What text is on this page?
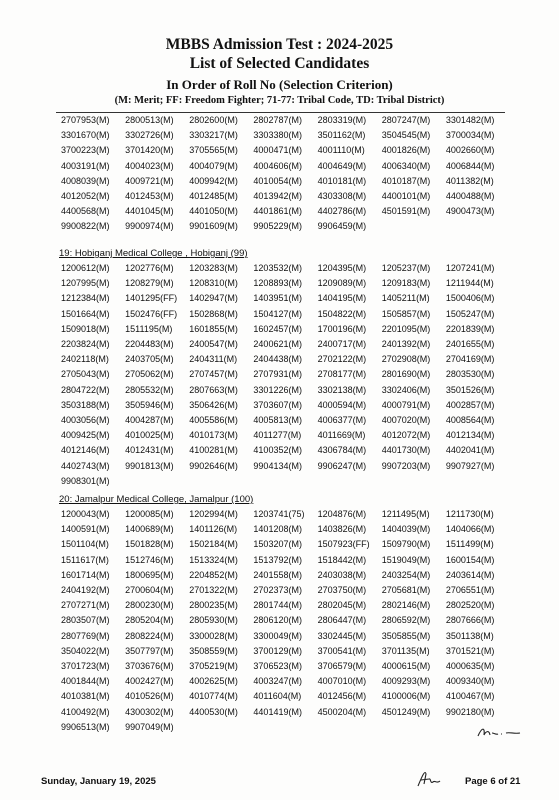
MBBS Admission Test : 2024-2025
List of Selected Candidates
In Order of Roll No (Selection Criterion)
(M: Merit; FF: Freedom Fighter; 71-77: Tribal Code, TD: Tribal District)
2707953(M)	2800513(M)	2802600(M)	2802787(M)	2803319(M)	2807247(M)	3301482(M)
3301670(M)	3302726(M)	3303217(M)	3303380(M)	3501162(M)	3504545(M)	3700034(M)
3700223(M)	3701420(M)	3705565(M)	4000471(M)	4001110(M)	4001826(M)	4002660(M)
4003191(M)	4004023(M)	4004079(M)	4004606(M)	4004649(M)	4006340(M)	4006844(M)
4008039(M)	4009721(M)	4009942(M)	4010054(M)	4010181(M)	4010187(M)	4011382(M)
4012052(M)	4012453(M)	4012485(M)	4013942(M)	4303308(M)	4400101(M)	4400488(M)
4400568(M)	4401045(M)	4401050(M)	4401861(M)	4402786(M)	4501591(M)	4900473(M)
9900822(M)	9900974(M)	9901609(M)	9905229(M)	9906459(M)
19: Hobiganj Medical College , Hobiganj (99)
1200612(M)	1202776(M)	1203283(M)	1203532(M)	1204395(M)	1205237(M)	1207241(M)
1207995(M)	1208279(M)	1208310(M)	1208893(M)	1209089(M)	1209183(M)	1211944(M)
1212384(M)	1401295(FF)	1402947(M)	1403951(M)	1404195(M)	1405211(M)	1500406(M)
1501664(M)	1502476(FF)	1502868(M)	1504127(M)	1504822(M)	1505857(M)	1505247(M)
1509018(M)	1511195(M)	1601855(M)	1602457(M)	1700196(M)	2201095(M)	2201839(M)
2203824(M)	2204483(M)	2400547(M)	2400621(M)	2400717(M)	2401392(M)	2401655(M)
2402118(M)	2403705(M)	2404311(M)	2404438(M)	2702122(M)	2702908(M)	2704169(M)
2705043(M)	2705062(M)	2707457(M)	2707931(M)	2708177(M)	2801690(M)	2803530(M)
2804722(M)	2805532(M)	2807663(M)	3301226(M)	3302138(M)	3302406(M)	3501526(M)
3503188(M)	3505946(M)	3506426(M)	3703607(M)	4000594(M)	4000791(M)	4002857(M)
4003056(M)	4004287(M)	4005586(M)	4005813(M)	4006377(M)	4007020(M)	4008564(M)
4009425(M)	4010025(M)	4010173(M)	4011277(M)	4011669(M)	4012072(M)	4012134(M)
4012146(M)	4012431(M)	4100281(M)	4100352(M)	4306784(M)	4401730(M)	4402041(M)
4402743(M)	9901813(M)	9902646(M)	9904134(M)	9906247(M)	9907203(M)	9907927(M)
9908301(M)
20: Jamalpur Medical College, Jamalpur (100)
1200043(M)	1200085(M)	1202994(M)	1203741(75)	1204876(M)	1211495(M)	1211730(M)
1400591(M)	1400689(M)	1401126(M)	1401208(M)	1403826(M)	1404039(M)	1404066(M)
1501104(M)	1501828(M)	1502184(M)	1503207(M)	1507923(FF)	1509790(M)	1511499(M)
1511617(M)	1512746(M)	1513324(M)	1513792(M)	1518442(M)	1519049(M)	1600154(M)
1601714(M)	1800695(M)	2204852(M)	2401558(M)	2403038(M)	2403254(M)	2403614(M)
2404192(M)	2700604(M)	2701322(M)	2702373(M)	2703750(M)	2705681(M)	2706551(M)
2707271(M)	2800230(M)	2800235(M)	2801744(M)	2802045(M)	2802146(M)	2802520(M)
2803507(M)	2805204(M)	2805930(M)	2806120(M)	2806447(M)	2806592(M)	2807666(M)
2807769(M)	2808224(M)	3300028(M)	3300049(M)	3302445(M)	3505855(M)	3501138(M)
3504022(M)	3507797(M)	3508559(M)	3700129(M)	3700541(M)	3701135(M)	3701521(M)
3701723(M)	3703676(M)	3705219(M)	3706523(M)	3706579(M)	4000615(M)	4000635(M)
4001844(M)	4002427(M)	4002625(M)	4003247(M)	4007010(M)	4009293(M)	4009340(M)
4010381(M)	4010526(M)	4010774(M)	4011604(M)	4012456(M)	4100006(M)	4100467(M)
4100492(M)	4300302(M)	4400530(M)	4401419(M)	4500204(M)	4501249(M)	9902180(M)
9906513(M)	9907049(M)
Sunday, January 19, 2025	Page 6 of 21
